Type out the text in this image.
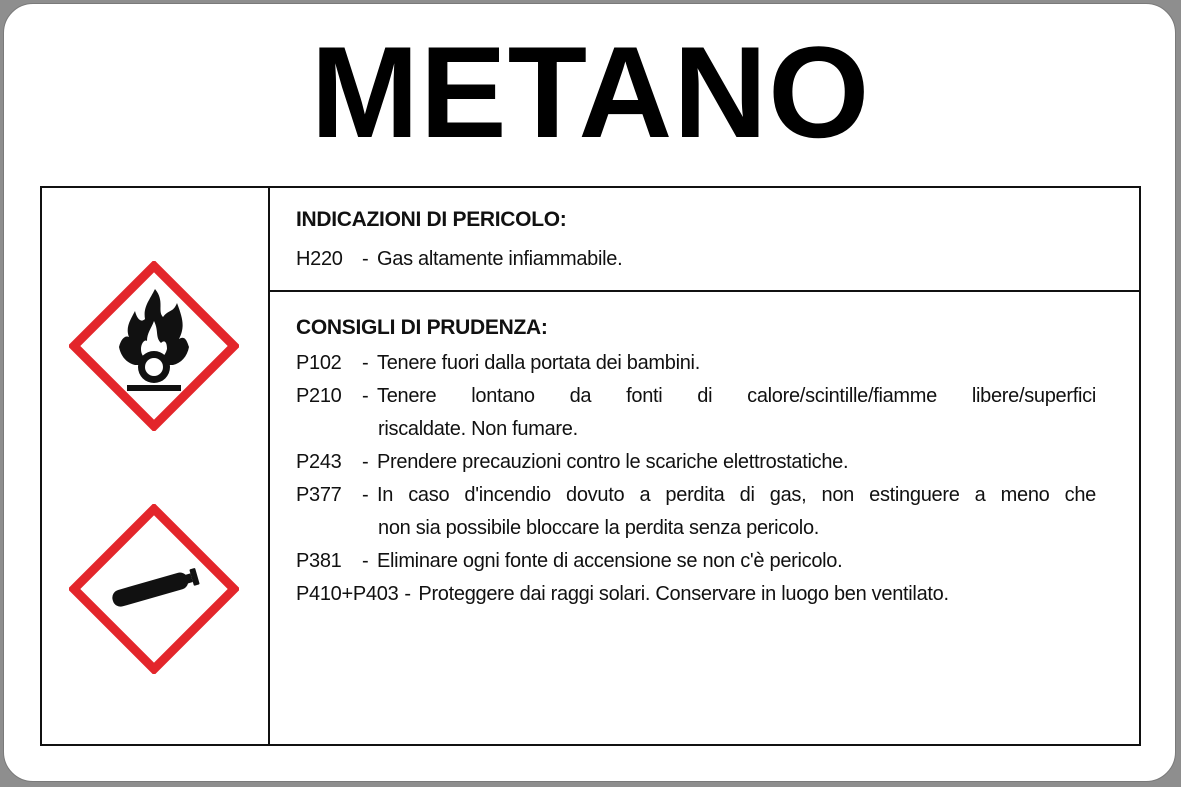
METANO
INDICAZIONI DI PERICOLO:
H220 - Gas altamente infiammabile.
CONSIGLI DI PRUDENZA:
P102	- Tenere fuori dalla portata dei bambini.
P210	- Tenere lontano da fonti di calore/scintille/fiamme libere/superfici
riscaldate. Non fumare.
P243	- Prendere precauzioni contro le scariche elettrostatiche.
P377	- In caso d'incendio dovuto a perdita di gas, non estinguere a meno che
non sia possibile bloccare la perdita senza pericolo.
P381	- Eliminare ogni fonte di accensione se non c'è pericolo.
P410+P403 - Proteggere dai raggi solari. Conservare in luogo ben ventilato.
